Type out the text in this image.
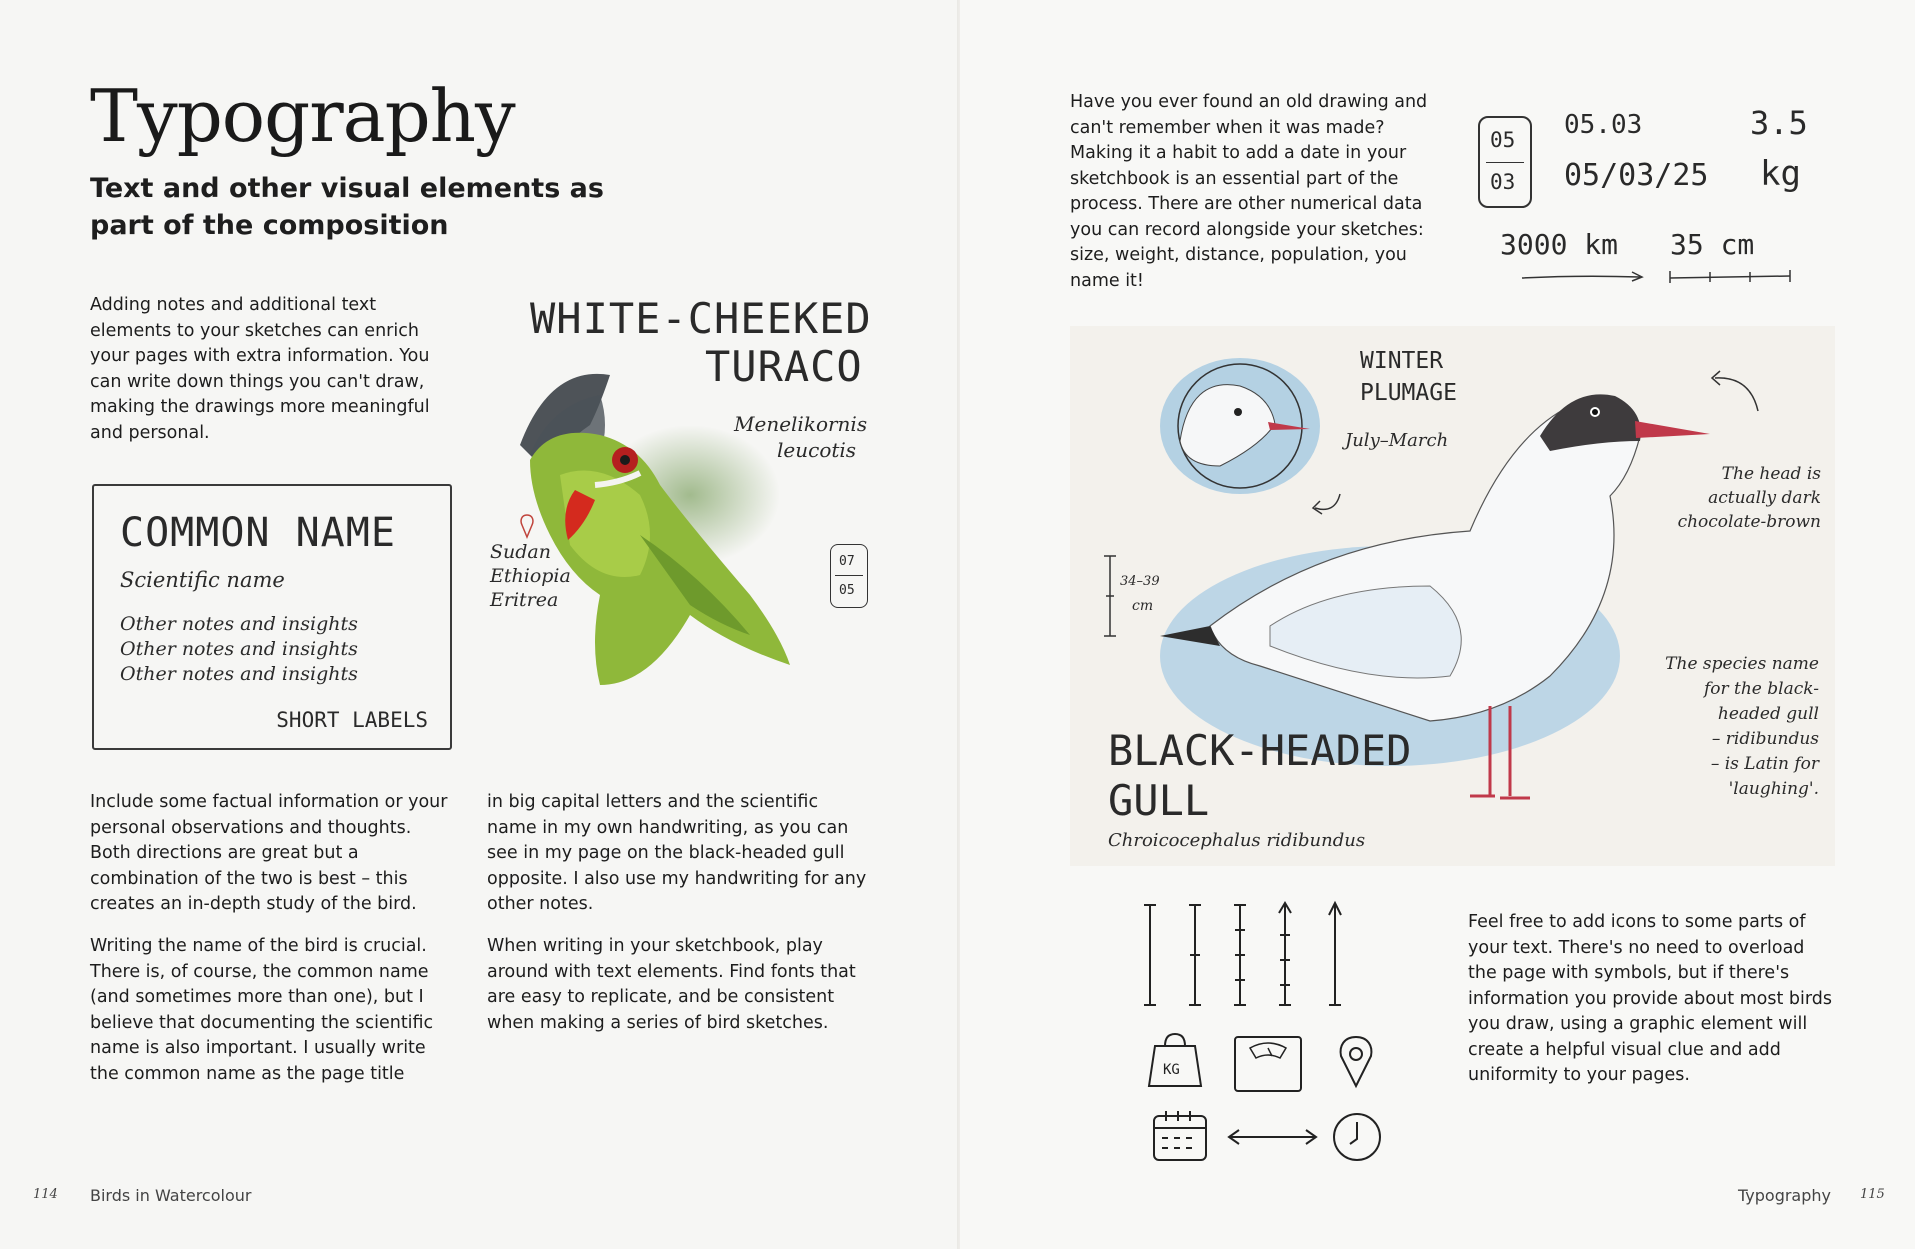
Typography
Text and other visual elements as part of the composition

Adding notes and additional text elements to your sketches can enrich your pages with extra information. You can write down things you can't draw, making the drawings more meaningful and personal.

COMMON NAME
Scientific name
Other notes and insights
Other notes and insights
Other notes and insights
SHORT LABELS
WHITE-CHEEKED
TURACO
Menelikornis
leucotis
Sudan
Ethiopia
Eritrea
07
05

Include some factual information or your personal observations and thoughts. Both directions are great but a combination of the two is best – this creates an in-depth study of the bird.

Writing the name of the bird is crucial. There is, of course, the common name (and sometimes more than one), but I believe that documenting the scientific name is also important. I usually write the common name as the page title

in big capital letters and the scientific name in my own handwriting, as you can see in my page on the black-headed gull opposite. I also use my handwriting for any other notes.

When writing in your sketchbook, play around with text elements. Find fonts that are easy to replicate, and be consistent when making a series of bird sketches.

114 Birds in Watercolour

Have you ever found an old drawing and can't remember when it was made? Making it a habit to add a date in your sketchbook is an essential part of the process. There are other numerical data you can record alongside your sketches: size, weight, distance, population, you name it!

05
03
05.03
05/03/25
3.5
kg
3000 km 35 cm
WINTER
PLUMAGE
July–March
34–39
cm
The head is
actually dark
chocolate-brown
The species name
for the black-
headed gull
– ridibundus
– is Latin for
'laughing'.
BLACK-HEADED
GULL
Chroicocephalus ridibundus
KG

Feel free to add icons to some parts of your text. There's no need to overload the page with symbols, but if there's information you provide about most birds you draw, using a graphic element will create a helpful visual clue and add uniformity to your pages.

Typography 115
